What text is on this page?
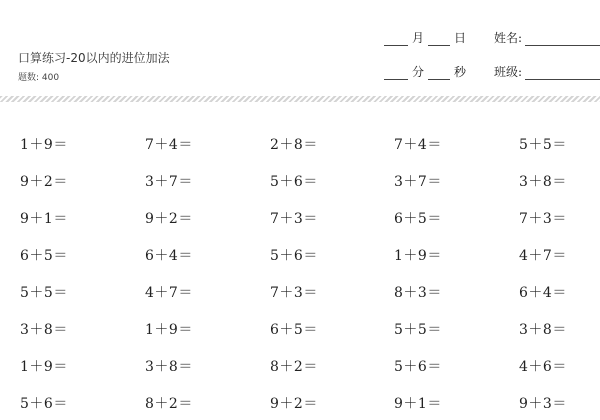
口算练习-20以内的进位加法
题数: 400
月	日
分	秒
姓名:
班级:
1＋9＝	7＋4＝	2＋8＝	7＋4＝	5＋5＝
9＋2＝	3＋7＝	5＋6＝	3＋7＝	3＋8＝
9＋1＝	9＋2＝	7＋3＝	6＋5＝	7＋3＝
6＋5＝	6＋4＝	5＋6＝	1＋9＝	4＋7＝
5＋5＝	4＋7＝	7＋3＝	8＋3＝	6＋4＝
3＋8＝	1＋9＝	6＋5＝	5＋5＝	3＋8＝
1＋9＝	3＋8＝	8＋2＝	5＋6＝	4＋6＝
5＋6＝	8＋2＝	9＋2＝	9＋1＝	9＋3＝
